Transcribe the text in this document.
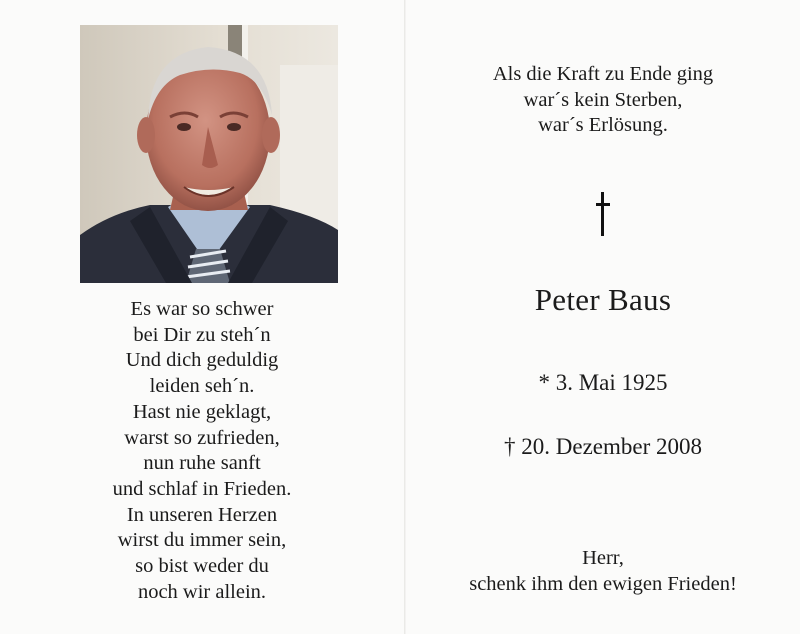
Es war so schwer
bei Dir zu steh´n
Und dich geduldig
leiden seh´n.
Hast nie geklagt,
warst so zufrieden,
nun ruhe sanft
und schlaf in Frieden.
In unseren Herzen
wirst du immer sein,
so bist weder du
noch wir allein.
Als die Kraft zu Ende ging
war´s kein Sterben,
war´s Erlösung.
Peter Baus
* 3. Mai 1925
† 20. Dezember 2008
Herr,
schenk ihm den ewigen Frieden!
